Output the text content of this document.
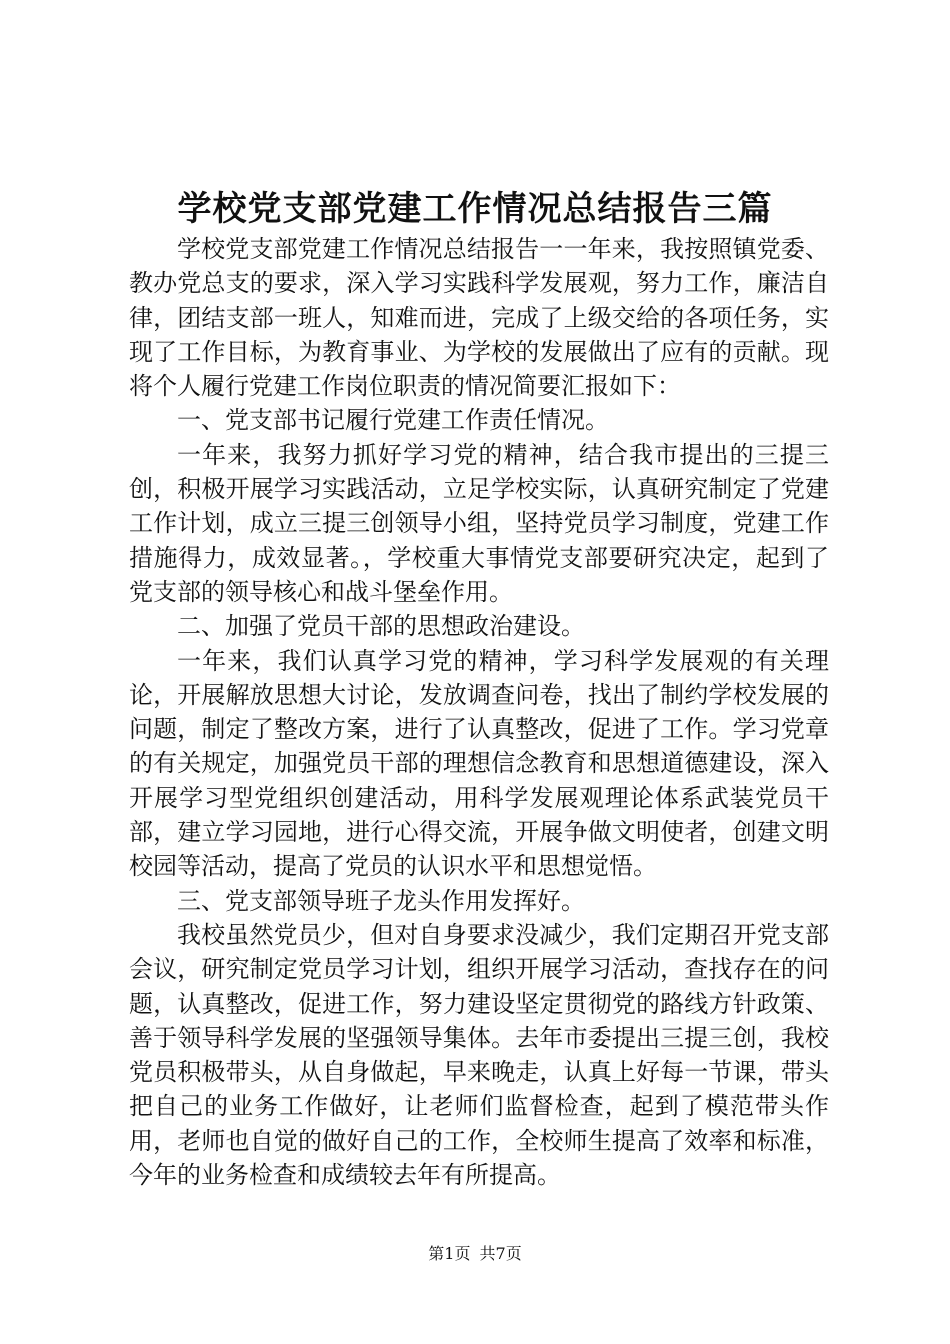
学校党支部党建工作情况总结报告三篇

学校党支部党建工作情况总结报告一一年来，我按照镇党委、教办党总支的要求，深入学习实践科学发展观，努力工作，廉洁自律，团结支部一班人，知难而进，完成了上级交给的各项任务，实现了工作目标，为教育事业、为学校的发展做出了应有的贡献。现将个人履行党建工作岗位职责的情况简要汇报如下：

一、党支部书记履行党建工作责任情况。

一年来，我努力抓好学习党的精神，结合我市提出的三提三创，积极开展学习实践活动，立足学校实际，认真研究制定了党建工作计划，成立三提三创领导小组，坚持党员学习制度，党建工作措施得力，成效显著。，学校重大事情党支部要研究决定，起到了党支部的领导核心和战斗堡垒作用。

二、加强了党员干部的思想政治建设。

一年来，我们认真学习党的精神，学习科学发展观的有关理论，开展解放思想大讨论，发放调查问卷，找出了制约学校发展的问题，制定了整改方案，进行了认真整改，促进了工作。学习党章的有关规定，加强党员干部的理想信念教育和思想道德建设，深入开展学习型党组织创建活动，用科学发展观理论体系武装党员干部，建立学习园地，进行心得交流，开展争做文明使者，创建文明校园等活动，提高了党员的认识水平和思想觉悟。

三、党支部领导班子龙头作用发挥好。

我校虽然党员少，但对自身要求没减少，我们定期召开党支部会议，研究制定党员学习计划，组织开展学习活动，查找存在的问题，认真整改，促进工作，努力建设坚定贯彻党的路线方针政策、善于领导科学发展的坚强领导集体。去年市委提出三提三创，我校党员积极带头，从自身做起，早来晚走，认真上好每一节课，带头把自己的业务工作做好，让老师们监督检查，起到了模范带头作用，老师也自觉的做好自己的工作，全校师生提高了效率和标准，今年的业务检查和成绩较去年有所提高。

第1页 共7页
